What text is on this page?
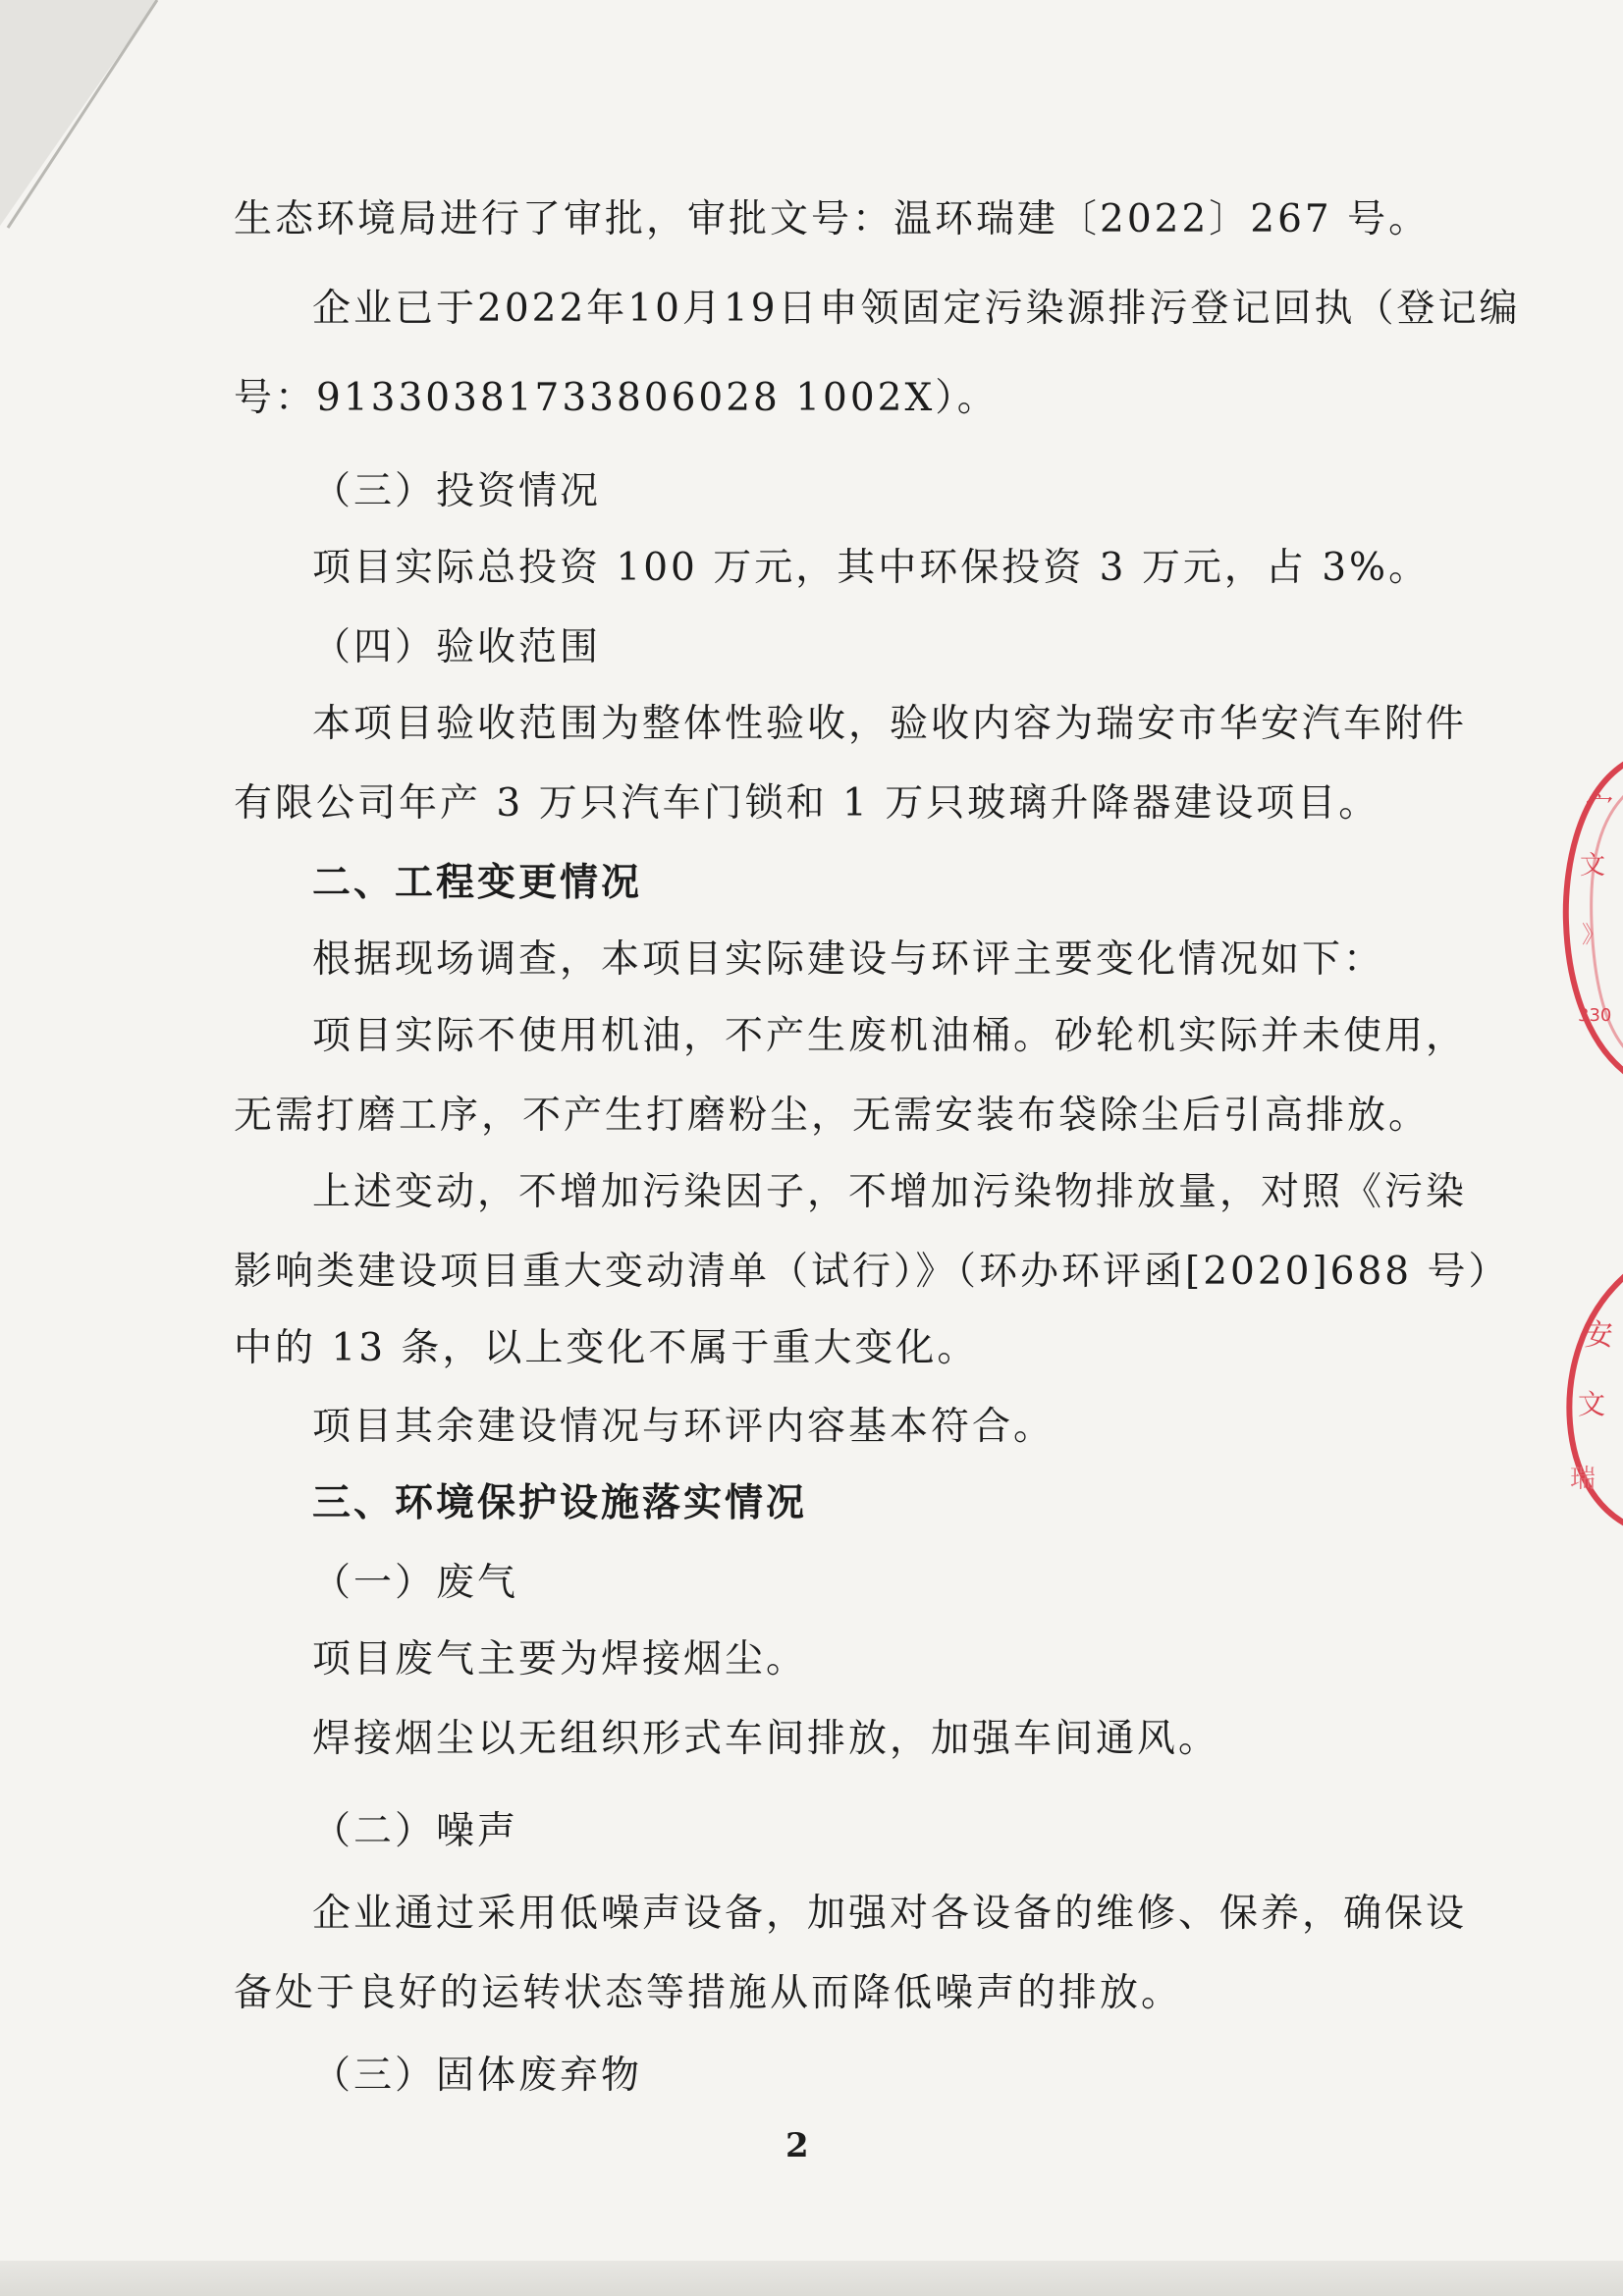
生态环境局进行了审批，审批文号：温环瑞建〔2022〕267 号。
企业已于2022年10月19日申领固定污染源排污登记回执（登记编
号：91330381733806028 1002X）。
（三）投资情况
项目实际总投资 100 万元，其中环保投资 3 万元，占 3%。
（四）验收范围
本项目验收范围为整体性验收，验收内容为瑞安市华安汽车附件
有限公司年产 3 万只汽车门锁和 1 万只玻璃升降器建设项目。
二、工程变更情况
根据现场调查，本项目实际建设与环评主要变化情况如下：
项目实际不使用机油，不产生废机油桶。砂轮机实际并未使用，
无需打磨工序，不产生打磨粉尘，无需安装布袋除尘后引高排放。
上述变动，不增加污染因子，不增加污染物排放量，对照《污染
影响类建设项目重大变动清单（试行）》（环办环评函[2020]688 号）
中的 13 条，以上变化不属于重大变化。
项目其余建设情况与环评内容基本符合。
三、环境保护设施落实情况
（一）废气
项目废气主要为焊接烟尘。
焊接烟尘以无组织形式车间排放，加强车间通风。
（二）噪声
企业通过采用低噪声设备，加强对各设备的维修、保养，确保设
备处于良好的运转状态等措施从而降低噪声的排放。
（三）固体废弃物
2
宀
文
》
330
安
文
瑞
